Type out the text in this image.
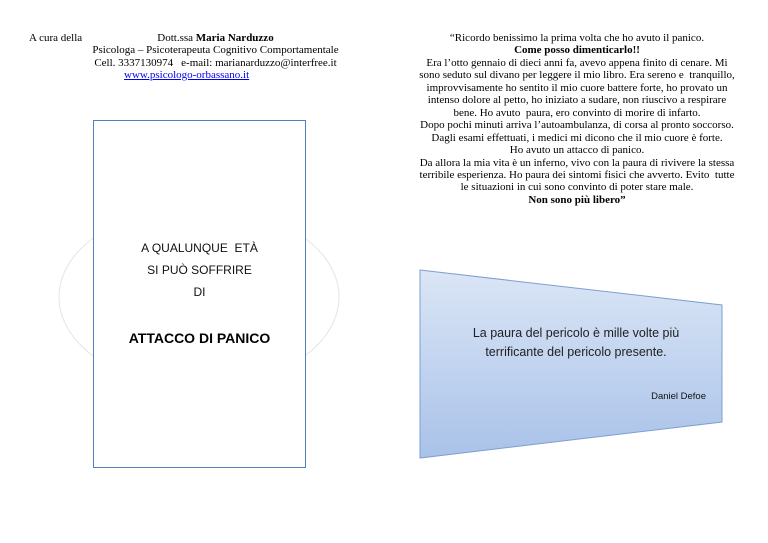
A cura della	Dott.ssa Maria Narduzzo
Psicologa – Psicoterapeuta Cognitivo Comportamentale
Cell. 3337130974 e-mail: marianarduzzo@interfree.it
www.psicologo-orbassano.it
A QUALUNQUE  ETÀ
SI PUÒ SOFFRIRE
DI
ATTACCO DI PANICO
“Ricordo benissimo la prima volta che ho avuto il panico.
Come posso dimenticarlo!!
Era l’otto gennaio di dieci anni fa, avevo appena finito di cenare. Mi
sono seduto sul divano per leggere il mio libro. Era sereno e  tranquillo,
improvvisamente ho sentito il mio cuore battere forte, ho provato un
intenso dolore al petto, ho iniziato a sudare, non riuscivo a respirare
bene. Ho avuto  paura, ero convinto di morire di infarto.
Dopo pochi minuti arriva l’autoambulanza, di corsa al pronto soccorso.
Dagli esami effettuati, i medici mi dicono che il mio cuore è forte.
Ho avuto un attacco di panico.
Da allora la mia vita è un inferno, vivo con la paura di rivivere la stessa
terribile esperienza. Ho paura dei sintomi fisici che avverto. Evito  tutte
le situazioni in cui sono convinto di poter stare male.
Non sono più libero”
La paura del pericolo è mille volte più
terrificante del pericolo presente.
Daniel Defoe
